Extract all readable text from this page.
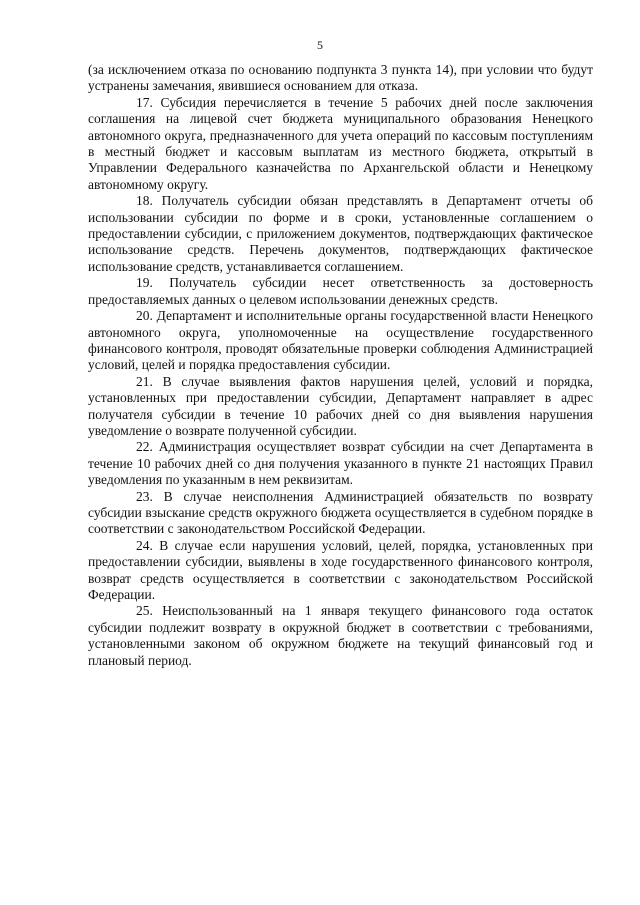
5

(за исключением отказа по основанию подпункта 3 пункта 14), при условии что будут устранены замечания, явившиеся основанием для отказа.

17. Субсидия перечисляется в течение 5 рабочих дней после заключения соглашения на лицевой счет бюджета муниципального образования Ненецкого автономного округа, предназначенного для учета операций по кассовым поступлениям в местный бюджет и кассовым выплатам из местного бюджета, открытый в Управлении Федерального казначейства по Архангельской области и Ненецкому автономному округу.

18. Получатель субсидии обязан представлять в Департамент отчеты об использовании субсидии по форме и в сроки, установленные соглашением о предоставлении субсидии, с приложением документов, подтверждающих фактическое использование средств. Перечень документов, подтверждающих фактическое использование средств, устанавливается соглашением.

19. Получатель субсидии несет ответственность за достоверность предоставляемых данных о целевом использовании денежных средств.

20. Департамент и исполнительные органы государственной власти Ненецкого автономного округа, уполномоченные на осуществление государственного финансового контроля, проводят обязательные проверки соблюдения Администрацией условий, целей и порядка предоставления субсидии.

21. В случае выявления фактов нарушения целей, условий и порядка, установленных при предоставлении субсидии, Департамент направляет в адрес получателя субсидии в течение 10 рабочих дней со дня выявления нарушения уведомление о возврате полученной субсидии.

22. Администрация осуществляет возврат субсидии на счет Департамента в течение 10 рабочих дней со дня получения указанного в пункте 21 настоящих Правил уведомления по указанным в нем реквизитам.

23. В случае неисполнения Администрацией обязательств по возврату субсидии взыскание средств окружного бюджета осуществляется в судебном порядке в соответствии с законодательством Российской Федерации.

24. В случае если нарушения условий, целей, порядка, установленных при предоставлении субсидии, выявлены в ходе государственного финансового контроля, возврат средств осуществляется в соответствии с законодательством Российской Федерации.

25. Неиспользованный на 1 января текущего финансового года остаток субсидии подлежит возврату в окружной бюджет в соответствии с требованиями, установленными законом об окружном бюджете на текущий финансовый год и плановый период.
